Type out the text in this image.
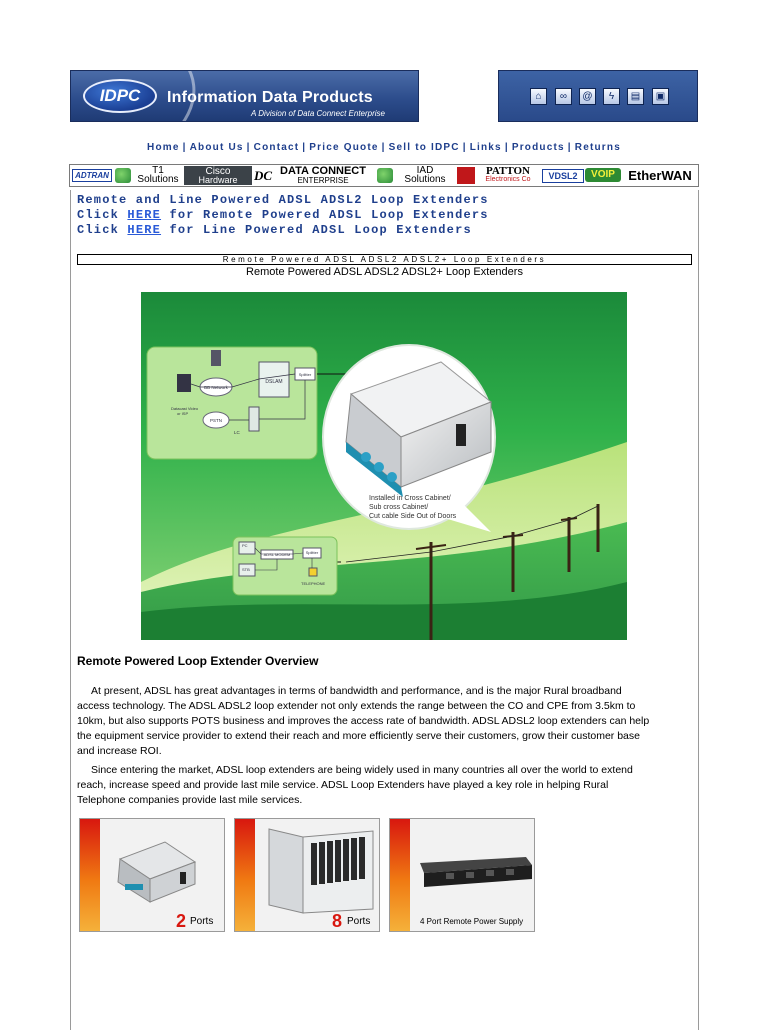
IDPC	Information Data Products
A Division of Data Connect Enterprise
⌂	∞	@	ϟ	▤	▣
Home | About Us | Contact | Price Quote | Sell to IDPC | Links | Products | Returns
ADTRAN	T1
Solutions
Cisco
Hardware	DC DATA CONNECT
ENTERPRISE
IAD
Solutions
PATTON
Electronics Co	VDSL2	VOIP	EtherWAN
Remote and Line Powered ADSL ADSL2 Loop Extenders
Click HERE for Remote Powered ADSL Loop Extenders
Click HERE for Line Powered ADSL Loop Extenders
Remote Powered ADSL ADSL2 ADSL2+ Loop Extenders
Remote Powered ADSL ADSL2 ADSL2+ Loop Extenders
DSLAM
Splitter
BB Network
PSTN
Datacast Video
or ISP
LC
Installed in Cross Cabinet/
Sub cross Cabinet/
Cut cable Side Out of Doors
PC
ADSL MODEM	Splitter
STB
TELEPHONE
Remote Powered Loop Extender Overview
At present, ADSL has great advantages in terms of bandwidth and performance, and is the major Rural broadband
access technology. The ADSL ADSL2 loop extender not only extends the range between the CO and CPE from 3.5km to
10km, but also supports POTS business and improves the access rate of bandwidth. ADSL ADSL2 loop extenders can help
the equipment service provider to extend their reach and more efficiently serve their customers, grow their customer base
and increase ROI.
Since entering the market, ADSL loop extenders are being widely used in many countries all over the world to extend
reach, increase speed and provide last mile service. ADSL Loop Extenders have played a key role in helping Rural
Telephone companies provide last mile services.
2 Ports	8 Ports	4 Port Remote Power Supply
